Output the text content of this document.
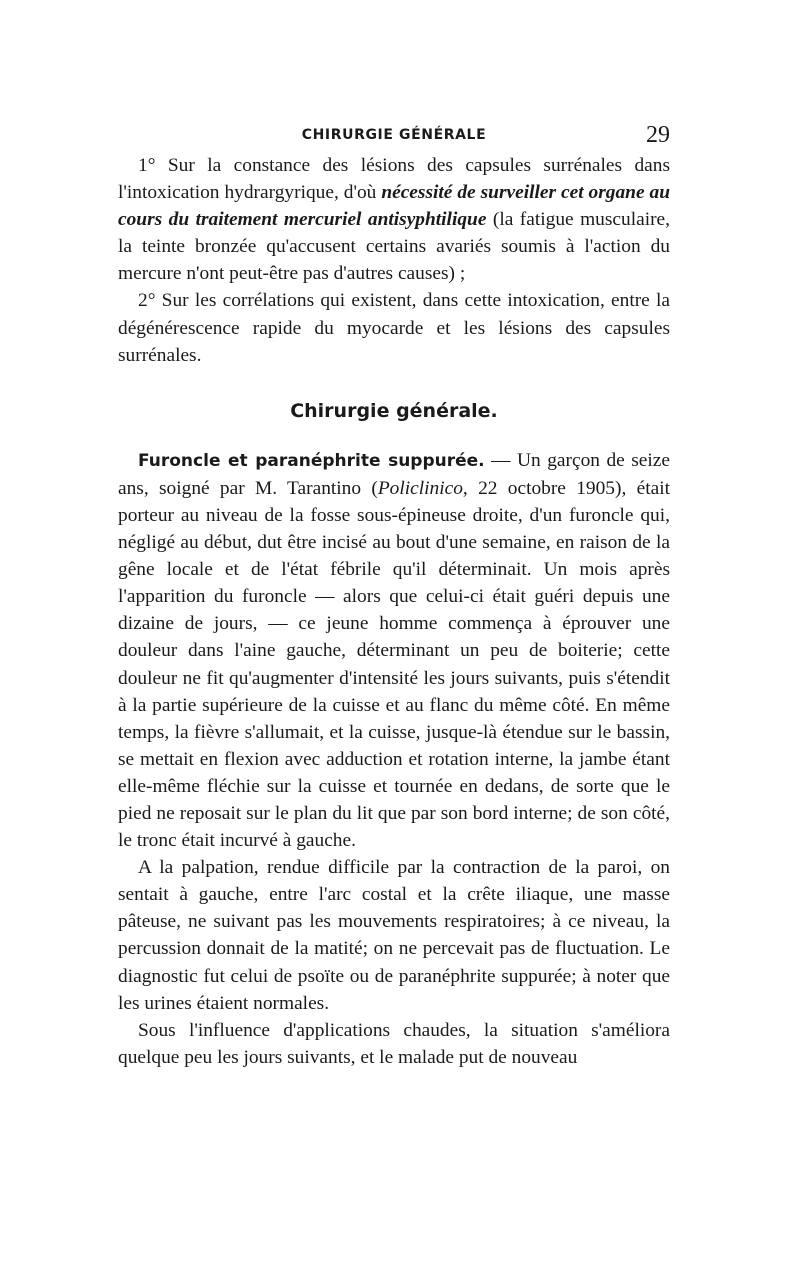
CHIRURGIE GÉNÉRALE	29

1° Sur la constance des lésions des capsules surrénales dans l'intoxication hydrargyrique, d'où nécessité de surveiller cet organe au cours du traitement mercuriel antisyphtilique (la fatigue musculaire, la teinte bronzée qu'accusent certains avariés soumis à l'action du mercure n'ont peut-être pas d'autres causes) ;

2° Sur les corrélations qui existent, dans cette intoxication, entre la dégénérescence rapide du myocarde et les lésions des capsules surrénales.

Chirurgie générale.

Furoncle et paranéphrite suppurée. — Un garçon de seize ans, soigné par M. Tarantino (Policlinico, 22 octobre 1905), était porteur au niveau de la fosse sous-épineuse droite, d'un furoncle qui, négligé au début, dut être incisé au bout d'une semaine, en raison de la gêne locale et de l'état fébrile qu'il déterminait. Un mois après l'apparition du furoncle — alors que celui-ci était guéri depuis une dizaine de jours, — ce jeune homme commença à éprouver une douleur dans l'aine gauche, déterminant un peu de boiterie; cette douleur ne fit qu'augmenter d'intensité les jours suivants, puis s'étendit à la partie supérieure de la cuisse et au flanc du même côté. En même temps, la fièvre s'allumait, et la cuisse, jusque-là étendue sur le bassin, se mettait en flexion avec adduction et rotation interne, la jambe étant elle-même fléchie sur la cuisse et tournée en dedans, de sorte que le pied ne reposait sur le plan du lit que par son bord interne; de son côté, le tronc était incurvé à gauche.

A la palpation, rendue difficile par la contraction de la paroi, on sentait à gauche, entre l'arc costal et la crête iliaque, une masse pâteuse, ne suivant pas les mouvements respiratoires; à ce niveau, la percussion donnait de la matité; on ne percevait pas de fluctuation. Le diagnostic fut celui de psoïte ou de paranéphrite suppurée; à noter que les urines étaient normales.

Sous l'influence d'applications chaudes, la situation s'améliora quelque peu les jours suivants, et le malade put de nouveau
